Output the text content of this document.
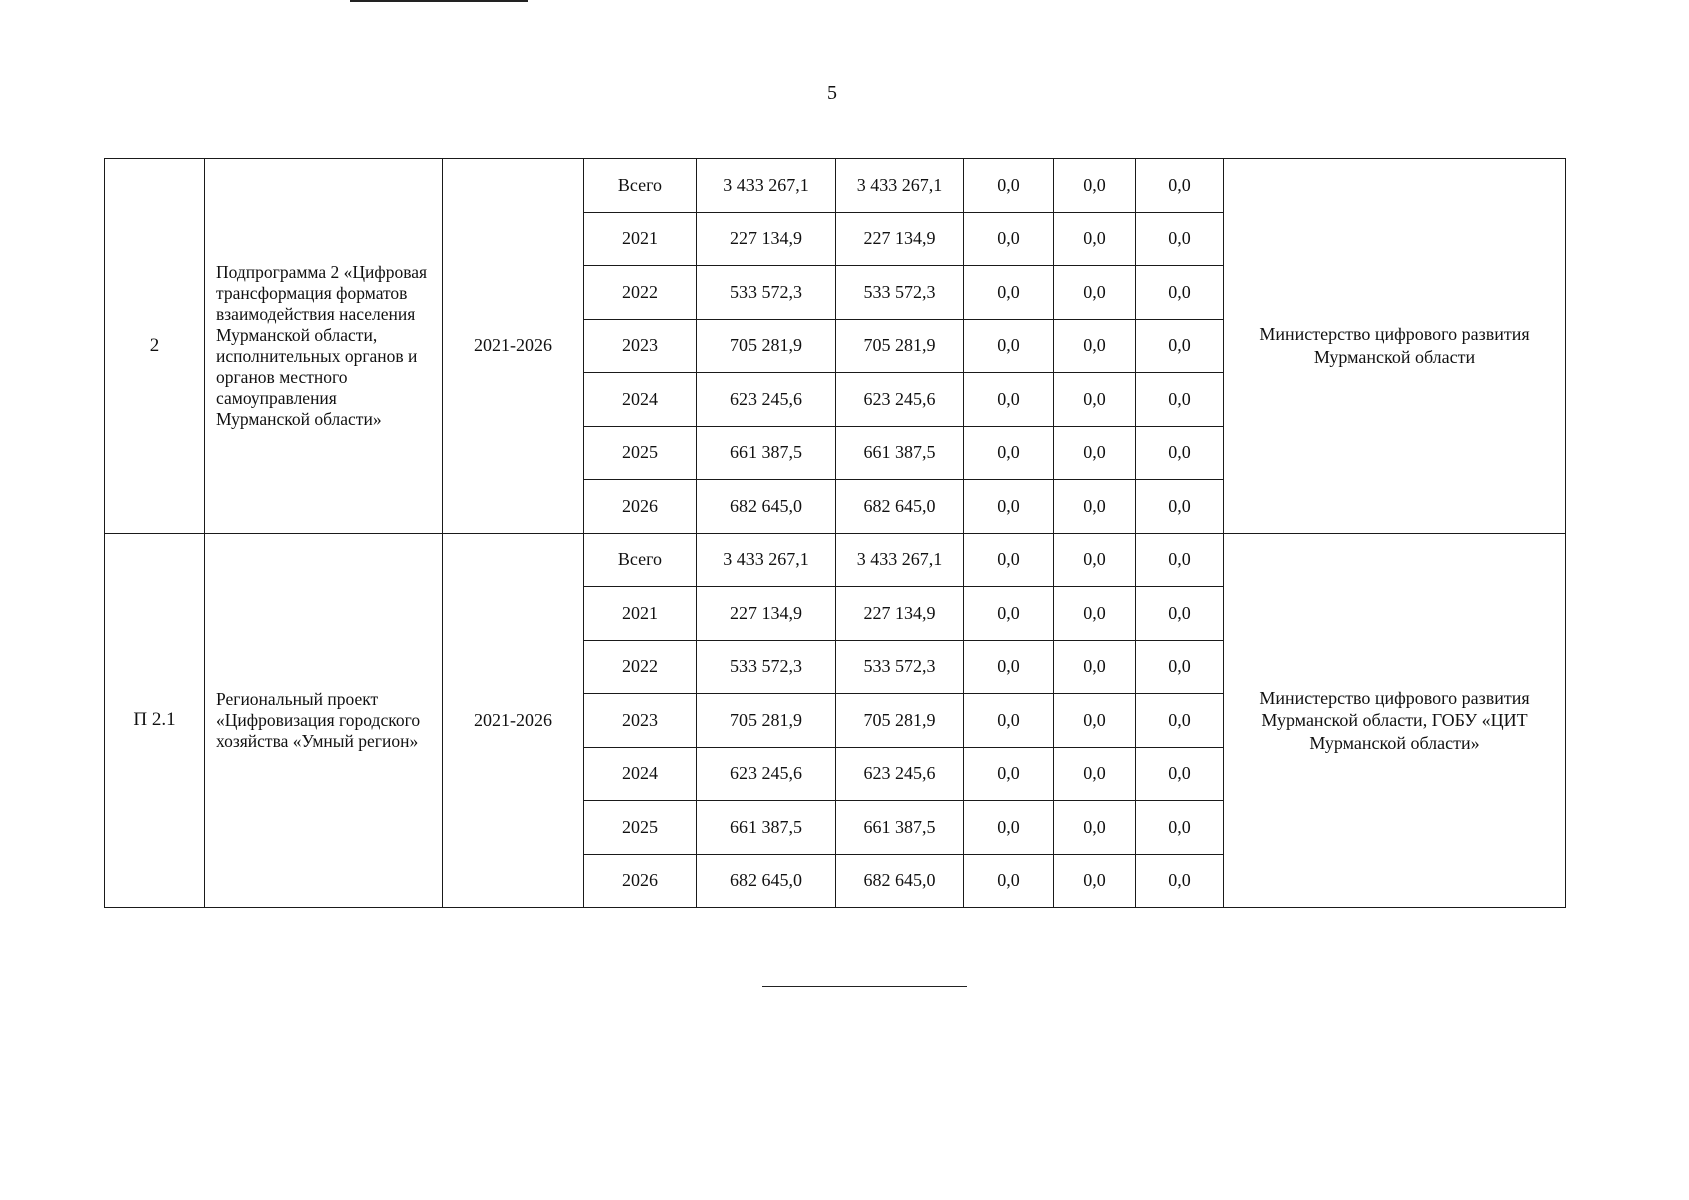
5
2	Подпрограмма 2 «Цифровая трансформация форматов взаимодействия населения Мурманской области, исполнительных органов и органов местного самоуправления Мурманской области»	2021-2026	Всего	3 433 267,1	3 433 267,1	0,0	0,0	0,0	Министерство цифрового развития Мурманской области
			2021	227 134,9	227 134,9	0,0	0,0	0,0	
			2022	533 572,3	533 572,3	0,0	0,0	0,0	
			2023	705 281,9	705 281,9	0,0	0,0	0,0	
			2024	623 245,6	623 245,6	0,0	0,0	0,0	
			2025	661 387,5	661 387,5	0,0	0,0	0,0	
			2026	682 645,0	682 645,0	0,0	0,0	0,0	
П 2.1	Региональный проект «Цифровизация городского хозяйства «Умный регион»	2021-2026	Всего	3 433 267,1	3 433 267,1	0,0	0,0	0,0	Министерство цифрового развития Мурманской области, ГОБУ «ЦИТ Мурманской области»
			2021	227 134,9	227 134,9	0,0	0,0	0,0	
			2022	533 572,3	533 572,3	0,0	0,0	0,0	
			2023	705 281,9	705 281,9	0,0	0,0	0,0	
			2024	623 245,6	623 245,6	0,0	0,0	0,0	
			2025	661 387,5	661 387,5	0,0	0,0	0,0	
			2026	682 645,0	682 645,0	0,0	0,0	0,0	
